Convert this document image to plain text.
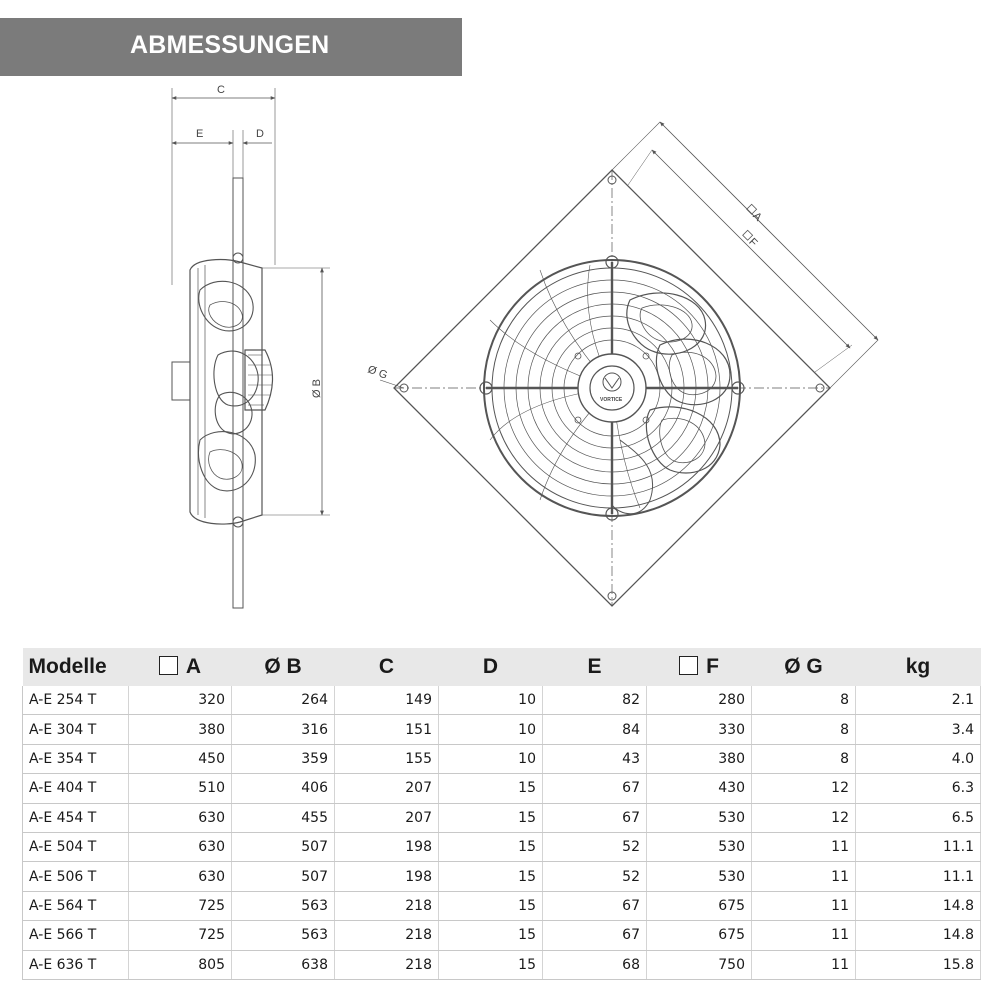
ABMESSUNGEN
C
E	D
Ø B
VORTICE
Ø G
A
F
Modelle	A	Ø B	C	D	E	F	Ø G	kg
A-E 254 T	320	264	149	10	82	280	8	2.1
A-E 304 T	380	316	151	10	84	330	8	3.4
A-E 354 T	450	359	155	10	43	380	8	4.0
A-E 404 T	510	406	207	15	67	430	12	6.3
A-E 454 T	630	455	207	15	67	530	12	6.5
A-E 504 T	630	507	198	15	52	530	11	11.1
A-E 506 T	630	507	198	15	52	530	11	11.1
A-E 564 T	725	563	218	15	67	675	11	14.8
A-E 566 T	725	563	218	15	67	675	11	14.8
A-E 636 T	805	638	218	15	68	750	11	15.8
